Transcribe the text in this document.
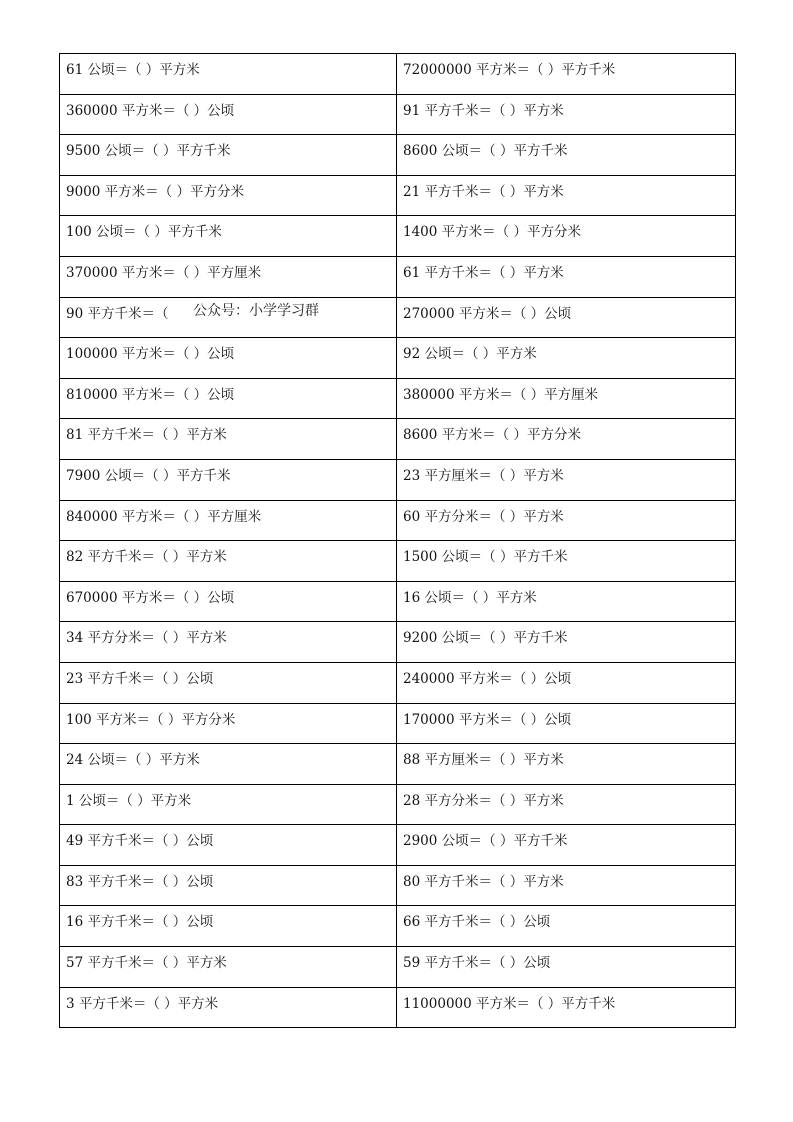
61 公顷＝（ ）平方米	72000000 平方米＝（ ）平方千米

360000 平方米＝（ ）公顷	91 平方千米＝（ ）平方米

9500 公顷＝（ ）平方千米	8600 公顷＝（ ）平方千米

9000 平方米＝（ ）平方分米	21 平方千米＝（ ）平方米

100 公顷＝（ ）平方千米	1400 平方米＝（ ）平方分米

370000 平方米＝（ ）平方厘米	61 平方千米＝（ ）平方米

90 平方千米＝（	270000 平方米＝（ ）公顷

100000 平方米＝（ ）公顷	92 公顷＝（ ）平方米

810000 平方米＝（ ）公顷	380000 平方米＝（ ）平方厘米

81 平方千米＝（ ）平方米	8600 平方米＝（ ）平方分米

7900 公顷＝（ ）平方千米	23 平方厘米＝（ ）平方米

840000 平方米＝（ ）平方厘米	60 平方分米＝（ ）平方米

82 平方千米＝（ ）平方米	1500 公顷＝（ ）平方千米

670000 平方米＝（ ）公顷	16 公顷＝（ ）平方米

34 平方分米＝（ ）平方米	9200 公顷＝（ ）平方千米

23 平方千米＝（ ）公顷	240000 平方米＝（ ）公顷

100 平方米＝（ ）平方分米	170000 平方米＝（ ）公顷

24 公顷＝（ ）平方米	88 平方厘米＝（ ）平方米

1 公顷＝（ ）平方米	28 平方分米＝（ ）平方米

49 平方千米＝（ ）公顷	2900 公顷＝（ ）平方千米

83 平方千米＝（ ）公顷	80 平方千米＝（ ）平方米

16 平方千米＝（ ）公顷	66 平方千米＝（ ）公顷

57 平方千米＝（ ）平方米	59 平方千米＝（ ）公顷

3 平方千米＝（ ）平方米	11000000 平方米＝（ ）平方千米
公众号：小学学习群
